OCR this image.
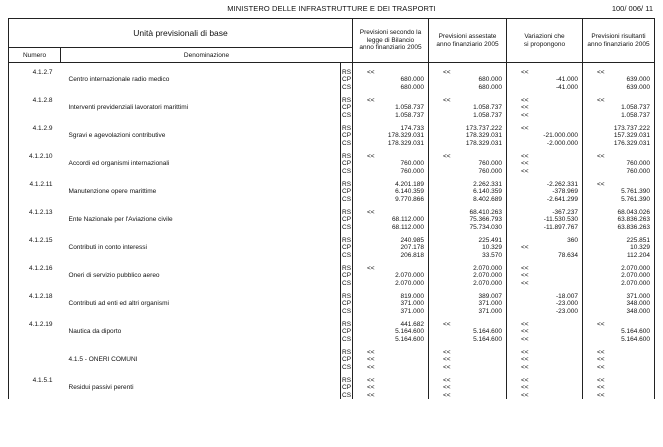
MINISTERO DELLE INFRASTRUTTURE E DEI TRASPORTI	100/ 006/ 11
Unità previsionali di base			Previsioni secondo la
legge di Bilancio
anno finanziario 2005	Previsioni assestate
anno finanziario 2005	Variazioni che
si propongono	Previsioni risultanti
anno finanziario 2005

Numero	Denominazione					

4.1.2.7		RS	<<	<<	<<	<<
	Centro internazionale radio medico	CP	680.000	680.000	-41.000	639.000
		CS	680.000	680.000	-41.000	639.000

4.1.2.8		RS	<<	<<	<<	<<
	Interventi previdenziali lavoratori marittimi	CP	1.058.737	1.058.737	<<	1.058.737
		CS	1.058.737	1.058.737	<<	1.058.737

4.1.2.9		RS	174.733	173.737.222	<<	173.737.222
	Sgravi e agevolazioni contributive	CP	178.329.031	178.329.031	-21.000.000	157.329.031
		CS	178.329.031	178.329.031	-2.000.000	176.329.031

4.1.2.10		RS	<<	<<	<<	<<
	Accordi ed organismi internazionali	CP	760.000	760.000	<<	760.000
		CS	760.000	760.000	<<	760.000

4.1.2.11		RS	4.201.189	2.262.331	-2.262.331	<<
	Manutenzione opere marittime	CP	6.140.359	6.140.359	-378.969	5.761.390
		CS	9.770.866	8.402.689	-2.641.299	5.761.390

4.1.2.13		RS	<<	68.410.263	-367.237	68.043.026
	Ente Nazionale per l'Aviazione civile	CP	68.112.000	75.366.793	-11.530.530	63.836.263
		CS	68.112.000	75.734.030	-11.897.767	63.836.263

4.1.2.15		RS	240.985	225.491	360	225.851
	Contributi in conto interessi	CP	207.178	10.329	<<	10.329
		CS	206.818	33.570	78.634	112.204

4.1.2.16		RS	<<	2.070.000	<<	2.070.000
	Oneri di servizio pubblico aereo	CP	2.070.000	2.070.000	<<	2.070.000
		CS	2.070.000	2.070.000	<<	2.070.000

4.1.2.18		RS	819.000	389.007	-18.007	371.000
	Contributi ad enti ed altri organismi	CP	371.000	371.000	-23.000	348.000
		CS	371.000	371.000	-23.000	348.000

4.1.2.19		RS	441.682	<<	<<	<<
	Nautica da diporto	CP	5.164.600	5.164.600	<<	5.164.600
		CS	5.164.600	5.164.600	<<	5.164.600

		RS	<<	<<	<<	<<
	4.1.5 - ONERI COMUNI	CP	<<	<<	<<	<<
		CS	<<	<<	<<	<<

4.1.5.1		RS	<<	<<	<<	<<
	Residui passivi perenti	CP	<<	<<	<<	<<
		CS	<<	<<	<<	<<
